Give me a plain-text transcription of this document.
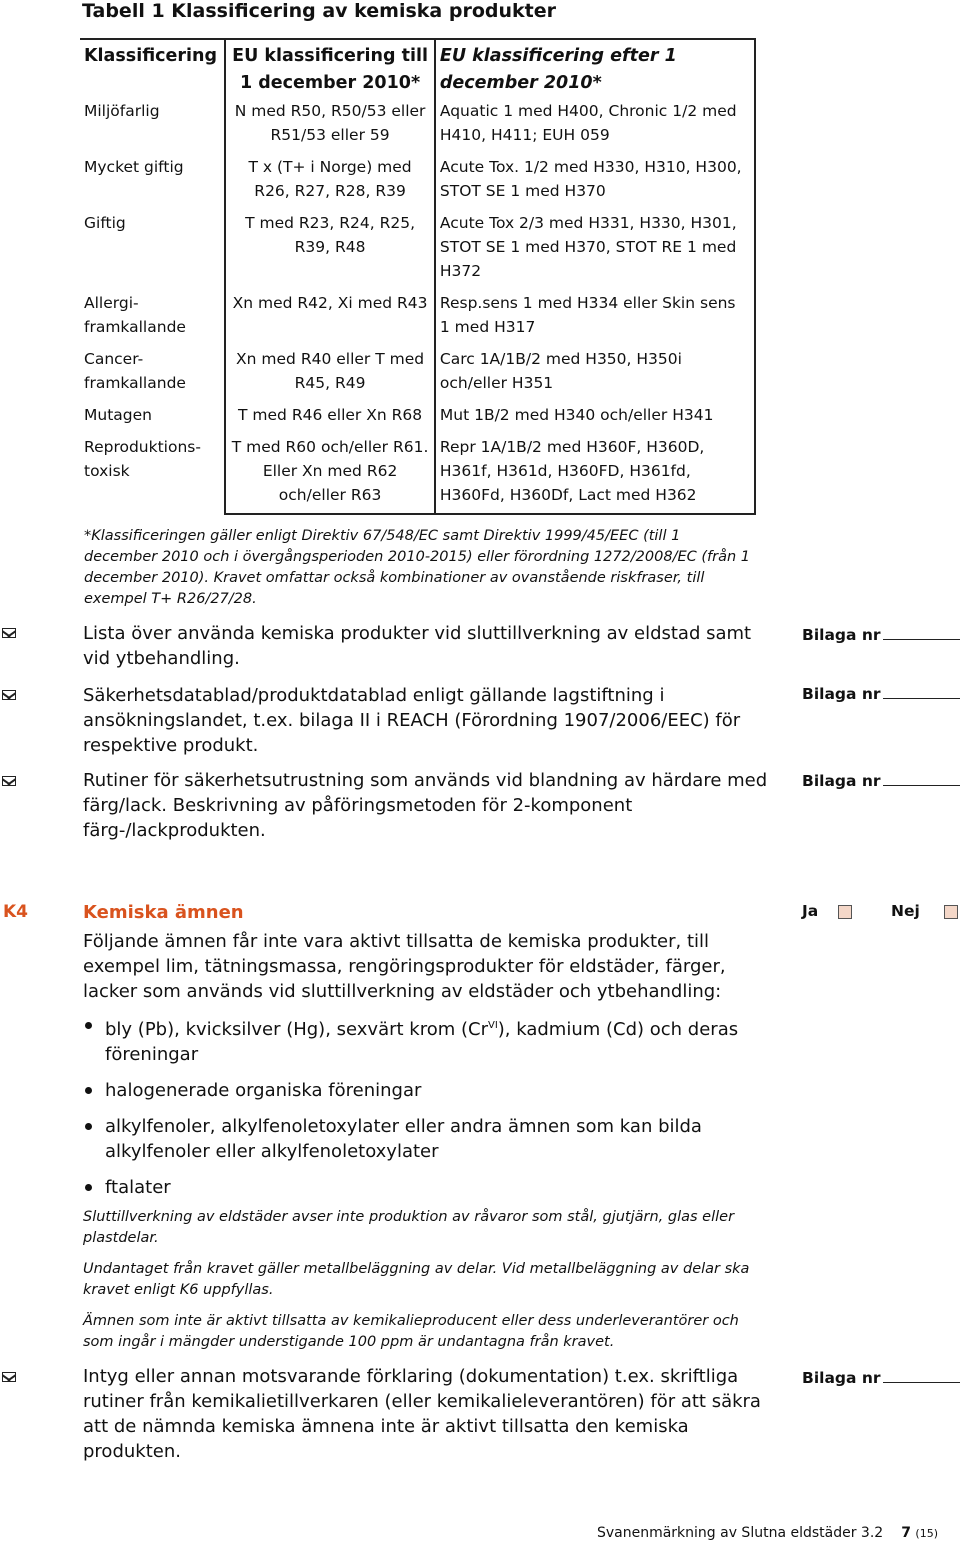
Tabell 1 Klassificering av kemiska produkter
Klassificering	EU klassificering till 1 december 2010*	EU klassificering efter 1 december 2010*
Miljöfarlig	N med R50, R50/53 eller R51/53 eller 59	Aquatic 1 med H400, Chronic 1/2 med H410, H411; EUH 059
Mycket giftig	T x (T+ i Norge) med R26, R27, R28, R39	Acute Tox. 1/2 med H330, H310, H300, STOT SE 1 med H370
Giftig	T med R23, R24, R25, R39, R48	Acute Tox 2/3 med H331, H330, H301, STOT SE 1 med H370, STOT RE 1 med H372
Allergi-framkallande	Xn med R42, Xi med R43	Resp.sens 1 med H334 eller Skin sens 1 med H317
Cancer-framkallande	Xn med R40 eller T med R45, R49	Carc 1A/1B/2 med H350, H350i och/eller H351
Mutagen	T med R46 eller Xn R68	Mut 1B/2 med H340 och/eller H341
Reproduktions-toxisk	T med R60 och/eller R61. Eller Xn med R62 och/eller R63	Repr 1A/1B/2 med H360F, H360D, H361f, H361d, H360FD, H361fd, H360Fd, H360Df, Lact med H362
*Klassificeringen gäller enligt Direktiv 67/548/EC samt Direktiv 1999/45/EEC (till 1 december 2010 och i övergångsperioden 2010-2015) eller förordning 1272/2008/EC (från 1 december 2010). Kravet omfattar också kombinationer av ovanstående riskfraser, till exempel T+ R26/27/28.
Lista över använda kemiska produkter vid sluttillverkning av eldstad samt vid ytbehandling.
Bilaga nr
Säkerhetsdatablad/produktdatablad enligt gällande lagstiftning i ansökningslandet, t.ex. bilaga II i REACH (Förordning 1907/2006/EEC) för respektive produkt.
Bilaga nr
Rutiner för säkerhetsutrustning som används vid blandning av härdare med färg/lack. Beskrivning av påföringsmetoden för 2-komponent färg-/lackprodukten.
Bilaga nr
K4	Kemiska ämnen	Ja	Nej
Följande ämnen får inte vara aktivt tillsatta de kemiska produkter, till exempel lim, tätningsmassa, rengöringsprodukter för eldstäder, färger, lacker som används vid sluttillverkning av eldstäder och ytbehandling:
bly (Pb), kvicksilver (Hg), sexvärt krom $(Cr^{VI})$, kadmium (Cd) och deras föreningar
halogenerade organiska föreningar
alkylfenoler, alkylfenoletoxylater eller andra ämnen som kan bilda alkylfenoler eller alkylfenoletoxylater
ftalater
Sluttillverkning av eldstäder avser inte produktion av råvaror som stål, gjutjärn, glas eller plastdelar.
Undantaget från kravet gäller metallbeläggning av delar. Vid metallbeläggning av delar ska kravet enligt K6 uppfyllas.
Ämnen som inte är aktivt tillsatta av kemikalieproducent eller dess underleverantörer och som ingår i mängder understigande 100 ppm är undantagna från kravet.
Intyg eller annan motsvarande förklaring (dokumentation) t.ex. skriftliga rutiner från kemikalietillverkaren (eller kemikalieleverantören) för att säkra att de nämnda kemiska ämnena inte är aktivt tillsatta den kemiska produkten.
Bilaga nr
Svanenmärkning av Slutna eldstäder 3.2 7 (15)
